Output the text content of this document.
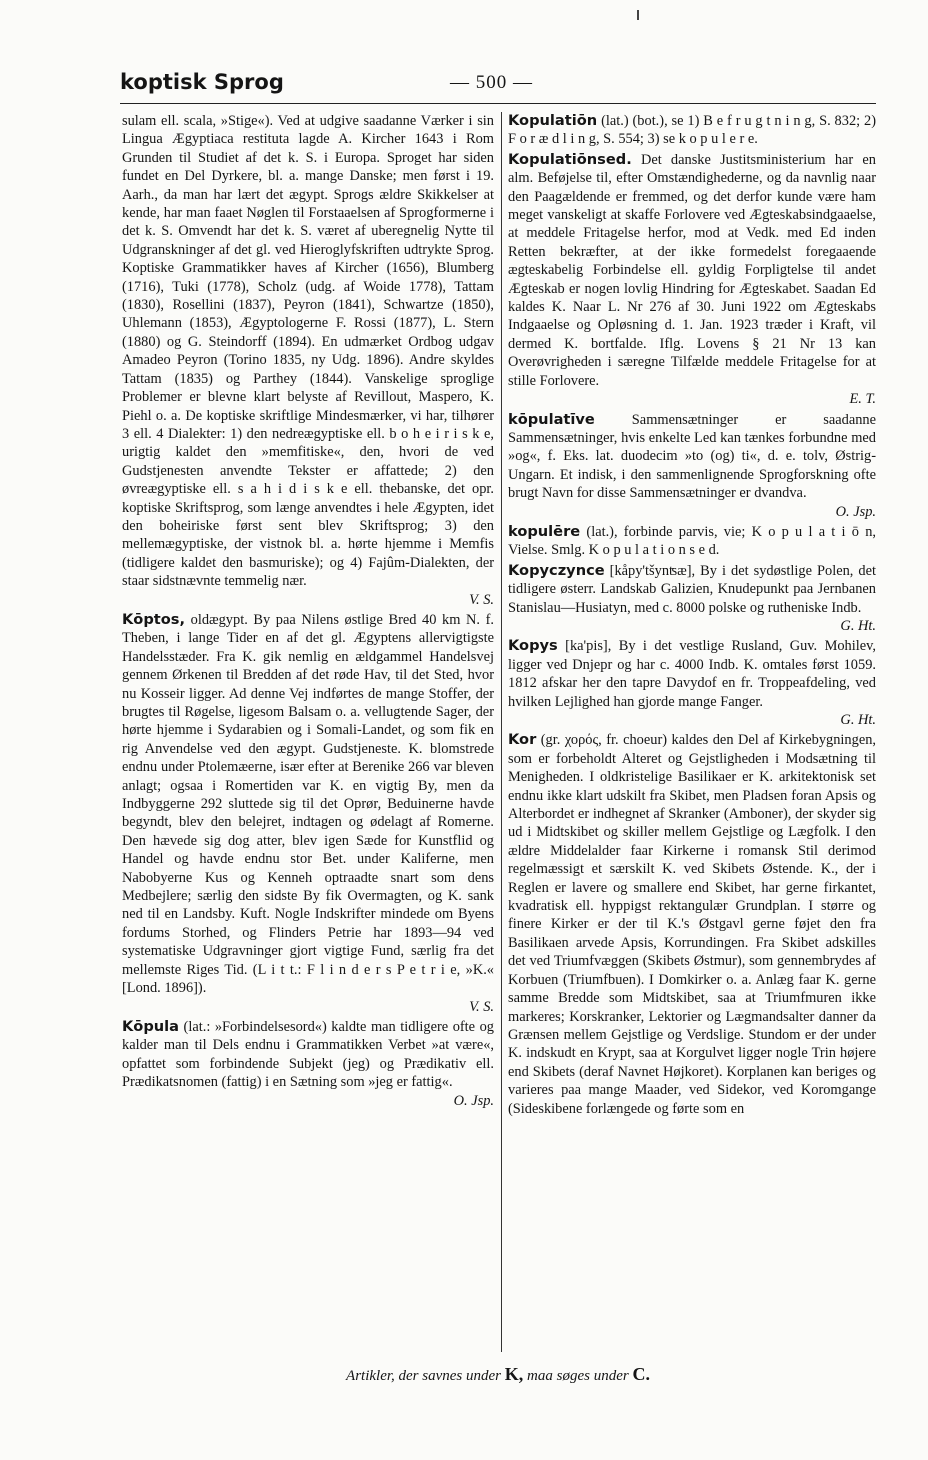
koptisk Sprog	— 500 —

sulam ell. scala, »Stige«). Ved at udgive saadanne Værker i sin Lingua Ægyptiaca restituta lagde A. Kircher 1643 i Rom Grunden til Studiet af det k. S. i Europa. Sproget har siden fundet en Del Dyrkere, bl. a. mange Danske; men først i 19. Aarh., da man har lært det ægypt. Sprogs ældre Skikkelser at kende, har man faaet Nøglen til Forstaaelsen af Sprogformerne i det k. S. Omvendt har det k. S. været af uberegnelig Nytte til Udgranskninger af det gl. ved Hieroglyfskriften udtrykte Sprog. Koptiske Grammatikker haves af Kircher (1656), Blumberg (1716), Tuki (1778), Scholz (udg. af Woide 1778), Tattam (1830), Rosellini (1837), Peyron (1841), Schwartze (1850), Uhlemann (1853), Ægyptologerne F. Rossi (1877), L. Stern (1880) og G. Steindorff (1894). En udmærket Ordbog udgav Amadeo Peyron (Torino 1835, ny Udg. 1896). Andre skyldes Tattam (1835) og Parthey (1844). Vanskelige sproglige Problemer er blevne klart belyste af Revillout, Maspero, K. Piehl o. a. De koptiske skriftlige Mindesmærker, vi har, tilhører 3 ell. 4 Dialekter: 1) den nedreægyptiske ell. b o h e i r i s k e, urigtig kaldet den »memfitiske«, den, hvori de ved Gudstjenesten anvendte Tekster er affattede; 2) den øvreægyptiske ell. s a h i d i s k e ell. thebanske, det opr. koptiske Skriftsprog, som længe anvendtes i hele Ægypten, idet den boheiriske først sent blev Skriftsprog; 3) den mellemægyptiske, der vistnok bl. a. hørte hjemme i Memfis (tidligere kaldet den basmuriske); og 4) Fajûm-Dialekten, der staar sidstnævnte temmelig nær.
V. S.

Kōptos, oldægypt. By paa Nilens østlige Bred 40 km N. f. Theben, i lange Tider en af det gl. Ægyptens allervigtigste Handelsstæder. Fra K. gik nemlig en ældgammel Handelsvej gennem Ørkenen til Bredden af det røde Hav, til det Sted, hvor nu Kosseir ligger. Ad denne Vej indførtes de mange Stoffer, der brugtes til Røgelse, ligesom Balsam o. a. vellugtende Sager, der hørte hjemme i Sydarabien og i Somali-Landet, og som fik en rig Anvendelse ved den ægypt. Gudstjeneste. K. blomstrede endnu under Ptolemæerne, især efter at Berenike 266 var bleven anlagt; ogsaa i Romertiden var K. en vigtig By, men da Indbyggerne 292 sluttede sig til det Oprør, Beduinerne havde begyndt, blev den belejret, indtagen og ødelagt af Romerne. Den hævede sig dog atter, blev igen Sæde for Kunstflid og Handel og havde endnu stor Bet. under Kaliferne, men Nabobyerne Kus og Kenneh optraadte snart som dens Medbejlere; særlig den sidste By fik Overmagten, og K. sank ned til en Landsby. Kuft. Nogle Indskrifter mindede om Byens fordums Storhed, og Flinders Petrie har 1893—94 ved systematiske Udgravninger gjort vigtige Fund, særlig fra det mellemste Riges Tid. (L i t t.: F l i n d e r s P e t r i e, »K.« [Lond. 1896]).
V. S.

Kōpula (lat.: »Forbindelsesord«) kaldte man tidligere ofte og kalder man til Dels endnu i Grammatikken Verbet »at være«, opfattet som forbindende Subjekt (jeg) og Prædikativ ell. Prædikatsnomen (fattig) i en Sætning som »jeg er fattig«.
O. Jsp.

Kopulatiōn (lat.) (bot.), se 1) B e f r u g t n i n g, S. 832; 2) F o r æ d l i n g, S. 554; 3) se k o p u l e r e.

Kopulatiōnsed. Det danske Justitsministerium har en alm. Beføjelse til, efter Omstændighederne, og da navnlig naar den Paagældende er fremmed, og det derfor kunde være ham meget vanskeligt at skaffe Forlovere ved Ægteskabsindgaaelse, at meddele Fritagelse herfor, mod at Vedk. med Ed inden Retten bekræfter, at der ikke formedelst foregaaende ægteskabelig Forbindelse ell. gyldig Forpligtelse til andet Ægteskab er nogen lovlig Hindring for Ægteskabet. Saadan Ed kaldes K. Naar L. Nr 276 af 30. Juni 1922 om Ægteskabs Indgaaelse og Opløsning d. 1. Jan. 1923 træder i Kraft, vil dermed K. bortfalde. Iflg. Lovens § 21 Nr 13 kan Overøvrigheden i særegne Tilfælde meddele Fritagelse for at stille Forlovere.
E. T.

kōpulatīve	Sammensætninger er saadanne Sammensætninger, hvis enkelte Led kan tænkes forbundne med »og«, f. Eks. lat. duodecim »to (og) ti«, d. e. tolv, Østrig-Ungarn. Et indisk, i den sammenlignende Sprogforskning ofte brugt Navn for disse Sammensætninger er dvandva.
O. Jsp.

kopulēre (lat.), forbinde parvis, vie; K o p u l a t i ō n, Vielse. Smlg. K o p u l a t i o n s e d.

Kopyczynce [kåpy'tšynʦæ], By i det sydøstlige Polen, det tidligere østerr. Landskab Galizien, Knudepunkt paa Jernbanen Stanislau—Husiatyn, med c. 8000 polske og rutheniske Indb.
G. Ht.

Kopys [ka'pis], By i det vestlige Rusland, Guv. Mohilev, ligger ved Dnjepr og har c. 4000 Indb. K. omtales først 1059. 1812 afskar her den tapre Davydof en fr. Troppeafdeling, ved hvilken Lejlighed han gjorde mange Fanger.
G. Ht.

Kor (gr. χορός, fr. choeur) kaldes den Del af Kirkebygningen, som er forbeholdt Alteret og Gejstligheden i Modsætning til Menigheden. I oldkristelige Basilikaer er K. arkitektonisk set endnu ikke klart udskilt fra Skibet, men Pladsen foran Apsis og Alterbordet er indhegnet af Skranker (Amboner), der skyder sig ud i Midtskibet og skiller mellem Gejstlige og Lægfolk. I den ældre Middelalder faar Kirkerne i romansk Stil derimod regelmæssigt et særskilt K. ved Skibets Østende. K., der i Reglen er lavere og smallere end Skibet, har gerne firkantet, kvadratisk ell. hyppigst rektangulær Grundplan. I større og finere Kirker er der til K.'s Østgavl gerne føjet den fra Basilikaen arvede Apsis, Korrundingen. Fra Skibet adskilles det ved Triumfvæggen (Skibets Østmur), som gennembrydes af Korbuen (Triumfbuen). I Domkirker o. a. Anlæg faar K. gerne samme Bredde som Midtskibet, saa at Triumfmuren ikke markeres; Korskranker, Lektorier og Lægmandsalter danner da Grænsen mellem Gejstlige og Verdslige. Stundom er der under K. indskudt en Krypt, saa at Korgulvet ligger nogle Trin højere end Skibets (deraf Navnet Højkoret). Korplanen kan beriges og varieres paa mange Maader, ved Sidekor, ved Koromgange (Sideskibene forlængede og førte som en

Artikler, der savnes under K, maa søges under C.
